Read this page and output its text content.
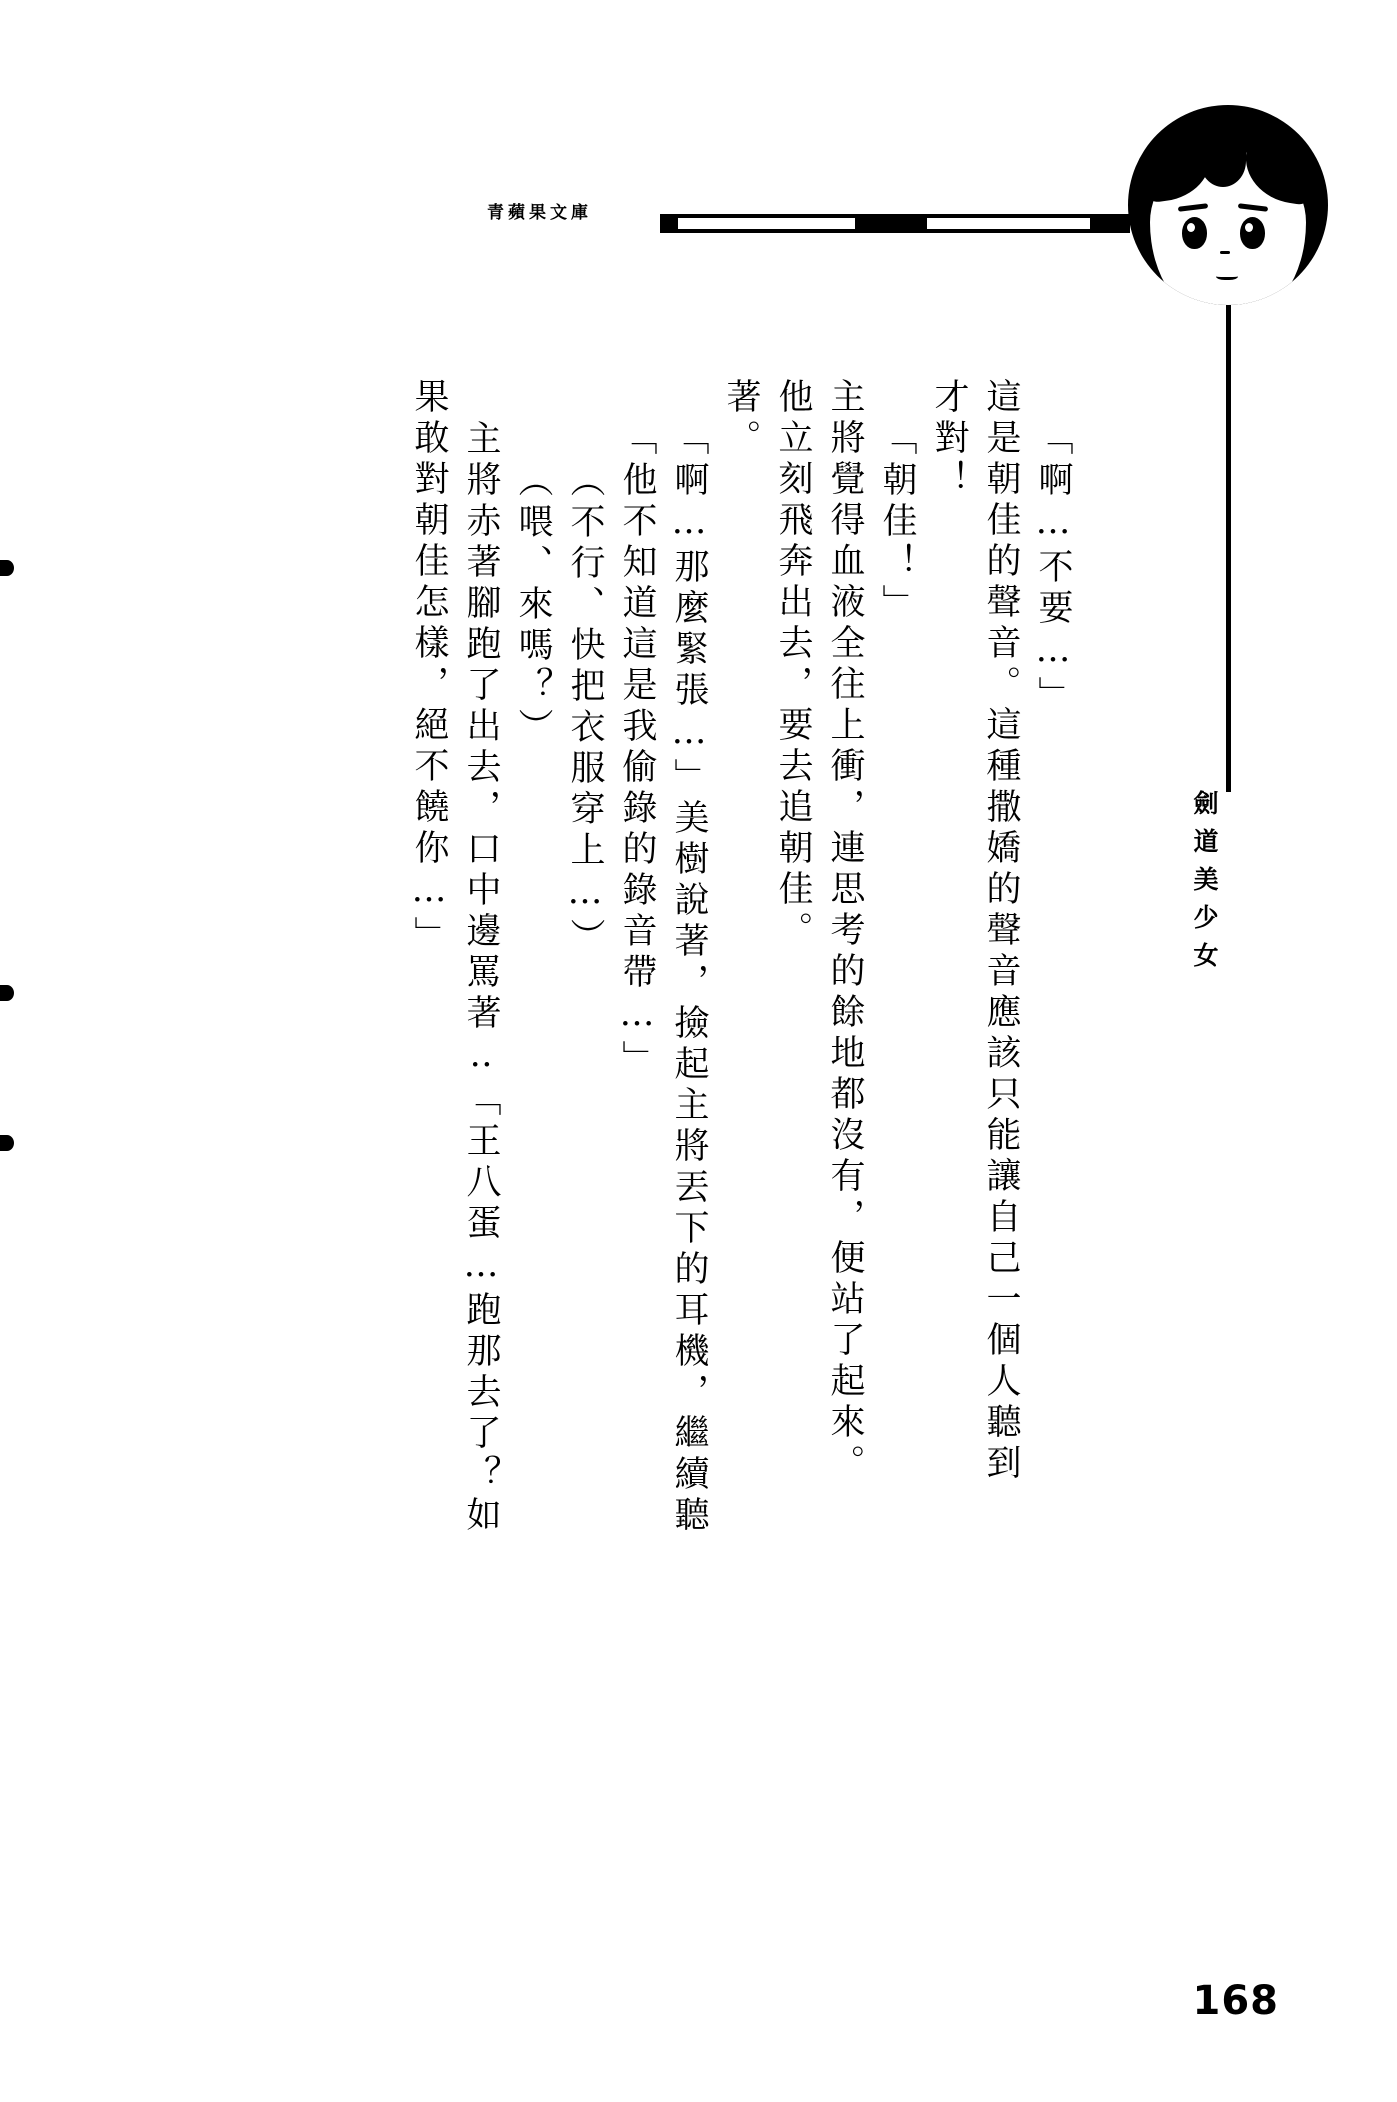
青蘋果文庫
劍道美少女
「啊…不要…」
這是朝佳的聲音。這種撒嬌的聲音應該只能讓自己一個人聽到
才對！
「朝佳！」
主將覺得血液全往上衝，連思考的餘地都沒有，便站了起來。
他立刻飛奔出去，要去追朝佳。
著。
「啊…那麼緊張…」美樹說著，撿起主將丟下的耳機，繼續聽
「他不知道這是我偷錄的錄音帶…」
（不行、快把衣服穿上…）
（喂、來嗎？）
主將赤著腳跑了出去，口中邊罵著‥「王八蛋…跑那去了？如
果敢對朝佳怎樣，絕不饒你…」
168
